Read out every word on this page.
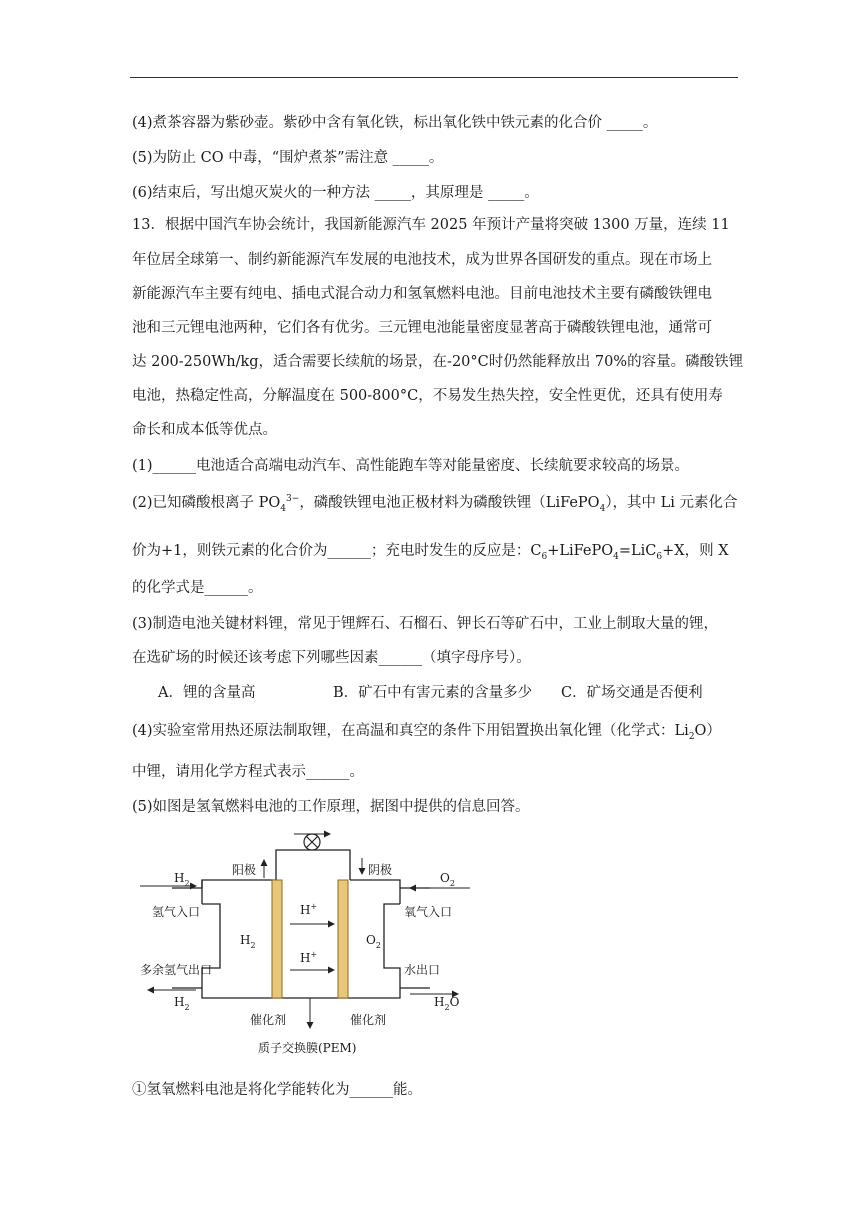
(4)煮茶容器为紫砂壶。紫砂中含有氧化铁，标出氧化铁中铁元素的化合价 _____。
(5)为防止 CO 中毒，“围炉煮茶”需注意 _____。
(6)结束后，写出熄灭炭火的一种方法 _____，其原理是 _____。
13．根据中国汽车协会统计，我国新能源汽车 2025 年预计产量将突破 1300 万量，连续 11
年位居全球第一、制约新能源汽车发展的电池技术，成为世界各国研发的重点。现在市场上
新能源汽车主要有纯电、插电式混合动力和氢氧燃料电池。目前电池技术主要有磷酸铁锂电
池和三元锂电池两种，它们各有优劣。三元锂电池能量密度显著高于磷酸铁锂电池，通常可
达 200-250Wh/kg，适合需要长续航的场景，在-20°C时仍然能释放出 70%的容量。磷酸铁锂
电池，热稳定性高，分解温度在 500-800°C，不易发生热失控，安全性更优，还具有使用寿
命长和成本低等优点。
(1)______电池适合高端电动汽车、高性能跑车等对能量密度、长续航要求较高的场景。
(2)已知磷酸根离子 $PO_4^{3-}$，磷酸铁锂电池正极材料为磷酸铁锂（LiFePO$_4$），其中 Li 元素化合
价为+1，则铁元素的化合价为______；充电时发生的反应是：$C_6+LiFePO_4=LiC_6+X$，则 X
的化学式是______。
(3)制造电池关键材料锂，常见于锂辉石、石榴石、钾长石等矿石中，工业上制取大量的锂，
在选矿场的时候还该考虑下列哪些因素______（填字母序号）。
A．锂的含量高	B．矿石中有害元素的含量多少 C．矿场交通是否便利
(4)实验室常用热还原法制取锂，在高温和真空的条件下用铝置换出氧化锂（化学式：$Li_2O$）
中锂，请用化学方程式表示______。
(5)如图是氢氧燃料电池的工作原理，据图中提供的信息回答。
阳极	阴极
$H_2$
氢气入口
$H_2$
多余氢气出口
$H_2$
$O_2$
氧气入口
$O_2$
水出口
$H_2O$
H+
H+
催化剂	催化剂
质子交换膜(PEM)
①氢氧燃料电池是将化学能转化为______能。
